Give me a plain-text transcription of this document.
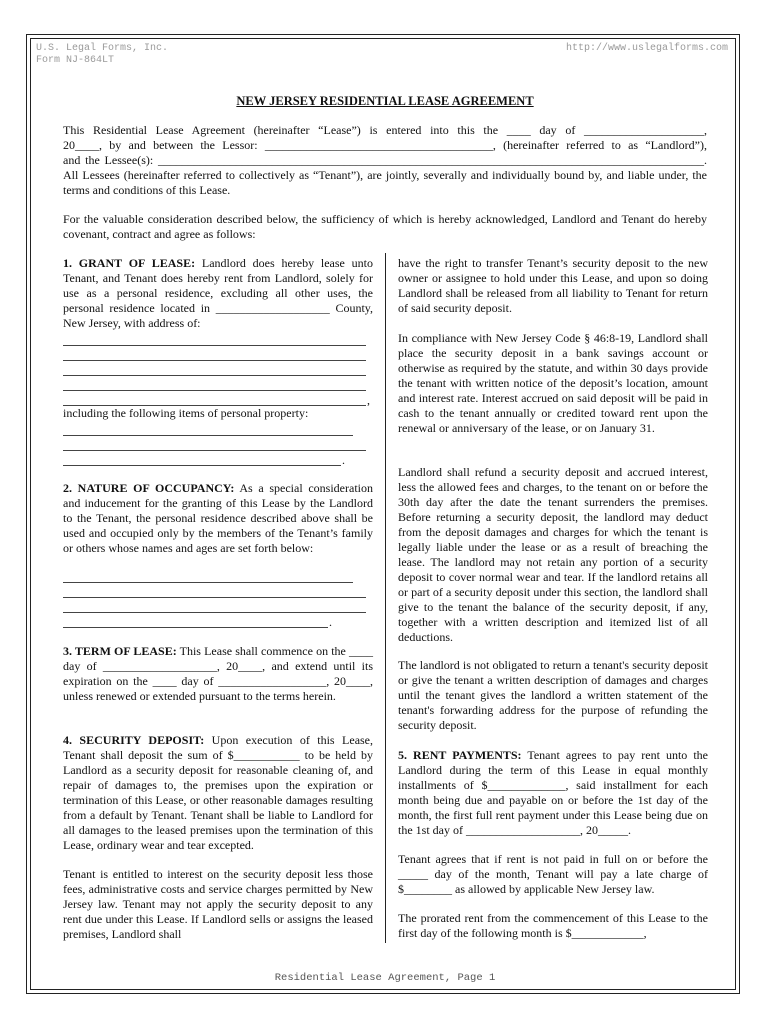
U.S. Legal Forms, Inc.
Form NJ-864LT
http://www.uslegalforms.com
NEW JERSEY RESIDENTIAL LEASE AGREEMENT
This Residential Lease Agreement (hereinafter “Lease”) is entered into this the ____ day of ____________________,
20____, by and between the Lessor: ______________________________________, (hereinafter referred to as “Landlord”),
and the Lessee(s): ___________________________________________________________________________________________.
All Lessees (hereinafter referred to collectively as “Tenant”), are jointly, severally and individually bound by, and liable under, the terms and conditions of this Lease.
For the valuable consideration described below, the sufficiency of which is hereby acknowledged, Landlord and Tenant do hereby covenant, contract and agree as follows:
1. GRANT OF LEASE: Landlord does hereby lease unto Tenant, and Tenant does hereby rent from Landlord, solely for use as a personal residence, excluding all other uses, the personal residence located in ___________________ County, New Jersey, with address of:
,
including the following items of personal property:
.
2. NATURE OF OCCUPANCY: As a special consideration and inducement for the granting of this Lease by the Landlord to the Tenant, the personal residence described above shall be used and occupied only by the members of the Tenant’s family or others whose names and ages are set forth below:
.
3. TERM OF LEASE: This Lease shall commence on the ____ day of ___________________, 20____, and extend until its expiration on the ____ day of __________________, 20____, unless renewed or extended pursuant to the terms herein.
4. SECURITY DEPOSIT: Upon execution of this Lease, Tenant shall deposit the sum of $___________ to be held by Landlord as a security deposit for reasonable cleaning of, and repair of damages to, the premises upon the expiration or termination of this Lease, or other reasonable damages resulting from a default by Tenant. Tenant shall be liable to Landlord for all damages to the leased premises upon the termination of this Lease, ordinary wear and tear excepted.
Tenant is entitled to interest on the security deposit less those fees, administrative costs and service charges permitted by New Jersey law. Tenant may not apply the security deposit to any rent due under this Lease. If Landlord sells or assigns the leased premises, Landlord shall
have the right to transfer Tenant’s security deposit to the new owner or assignee to hold under this Lease, and upon so doing Landlord shall be released from all liability to Tenant for return of said security deposit.
In compliance with New Jersey Code § 46:8-19, Landlord shall place the security deposit in a bank savings account or otherwise as required by the statute, and within 30 days provide the tenant with written notice of the deposit’s location, amount and interest rate. Interest accrued on said deposit will be paid in cash to the tenant annually or credited toward rent upon the renewal or anniversary of the lease, or on January 31.
Landlord shall refund a security deposit and accrued interest, less the allowed fees and charges, to the tenant on or before the 30th day after the date the tenant surrenders the premises. Before returning a security deposit, the landlord may deduct from the deposit damages and charges for which the tenant is legally liable under the lease or as a result of breaching the lease. The landlord may not retain any portion of a security deposit to cover normal wear and tear. If the landlord retains all or part of a security deposit under this section, the landlord shall give to the tenant the balance of the security deposit, if any, together with a written description and itemized list of all deductions.
The landlord is not obligated to return a tenant's security deposit or give the tenant a written description of damages and charges until the tenant gives the landlord a written statement of the tenant's forwarding address for the purpose of refunding the security deposit.
5. RENT PAYMENTS: Tenant agrees to pay rent unto the Landlord during the term of this Lease in equal monthly installments of $_____________, said installment for each month being due and payable on or before the 1st day of the month, the first full rent payment under this Lease being due on the 1st day of ___________________, 20_____.
Tenant agrees that if rent is not paid in full on or before the _____ day of the month, Tenant will pay a late charge of $________ as allowed by applicable New Jersey law.
The prorated rent from the commencement of this Lease to the first day of the following month is $____________,
Residential Lease Agreement, Page 1
